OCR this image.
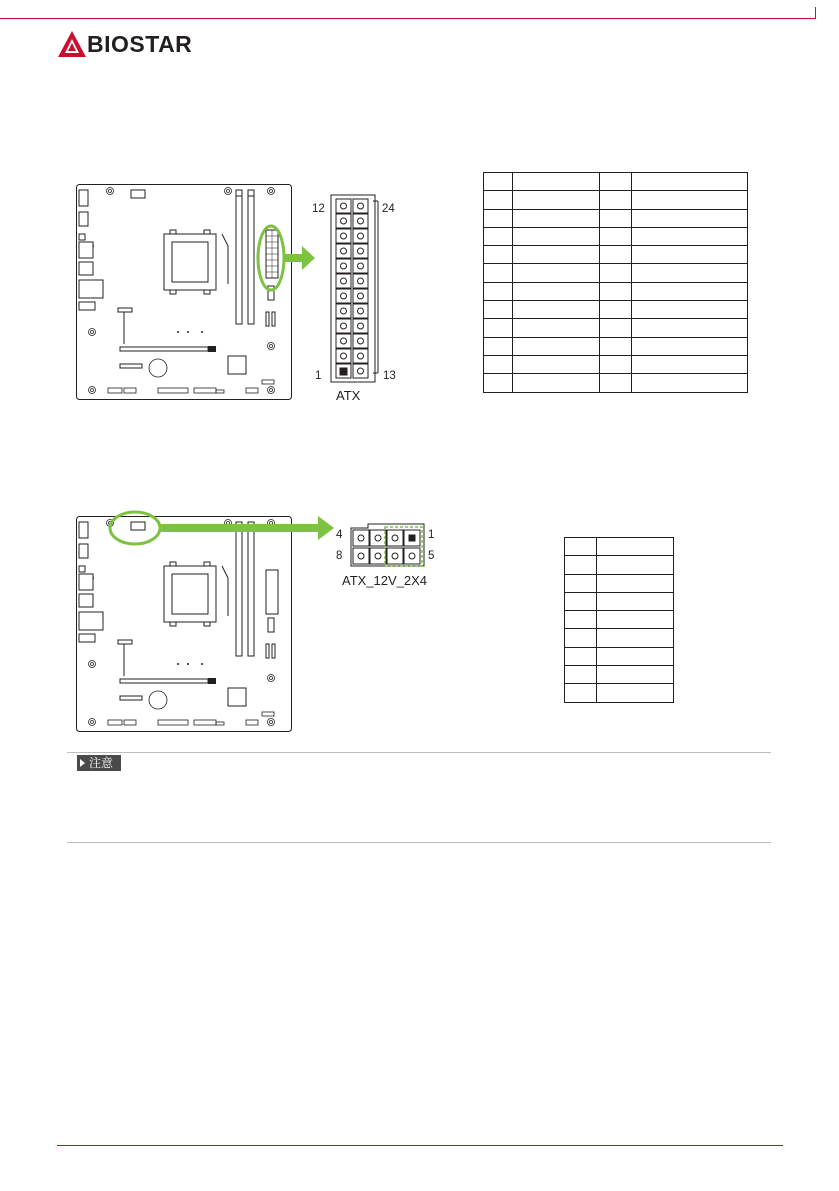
BIOSTAR
12	24
1	13
ATX

4	1
8	5
ATX_12V_2X4

注意
